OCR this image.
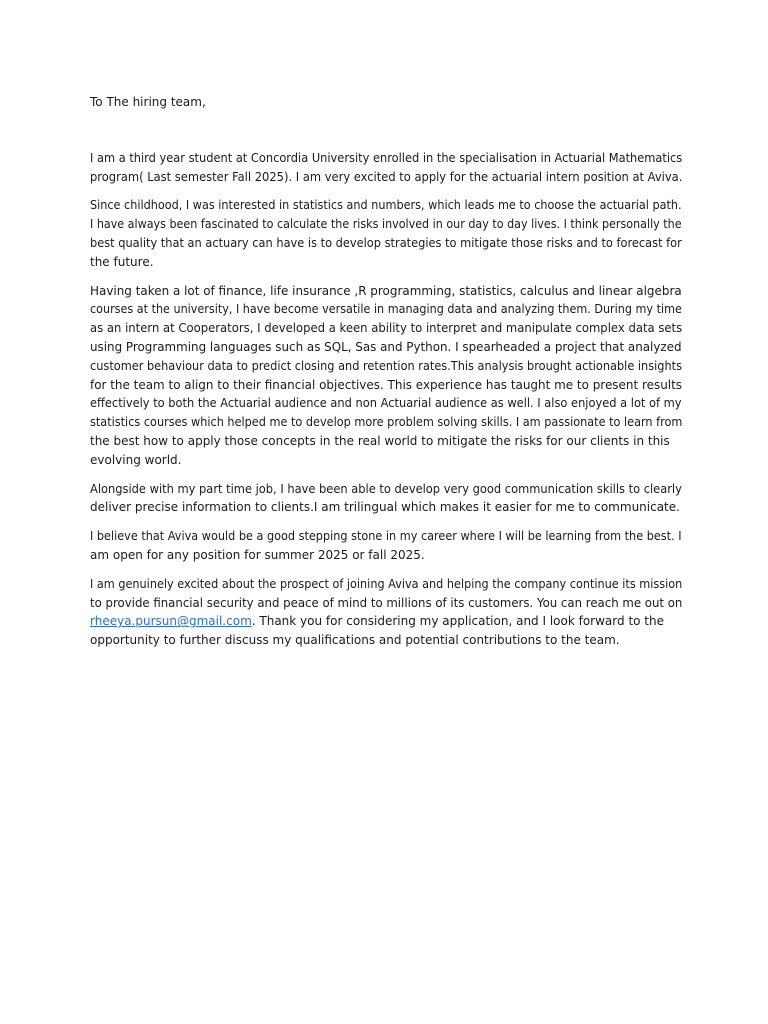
To The hiring team,

I am a third year student at Concordia University enrolled in the specialisation in Actuarial Mathematics
program( Last semester Fall 2025). I am very excited to apply for the actuarial intern position at Aviva.

Since childhood, I was interested in statistics and numbers, which leads me to choose the actuarial path.
I have always been fascinated to calculate the risks involved in our day to day lives. I think personally the
best quality that an actuary can have is to develop strategies to mitigate those risks and to forecast for
the future.

Having taken a lot of finance, life insurance ,R programming, statistics, calculus and linear algebra
courses at the university, I have become versatile in managing data and analyzing them. During my time
as an intern at Cooperators, I developed a keen ability to interpret and manipulate complex data sets
using Programming languages such as SQL, Sas and Python. I spearheaded a project that analyzed
customer behaviour data to predict closing and retention rates.This analysis brought actionable insights
for the team to align to their financial objectives. This experience has taught me to present results
effectively to both the Actuarial audience and non Actuarial audience as well. I also enjoyed a lot of my
statistics courses which helped me to develop more problem solving skills. I am passionate to learn from
the best how to apply those concepts in the real world to mitigate the risks for our clients in this
evolving world.

Alongside with my part time job, I have been able to develop very good communication skills to clearly
deliver precise information to clients.I am trilingual which makes it easier for me to communicate.

I believe that Aviva would be a good stepping stone in my career where I will be learning from the best. I
am open for any position for summer 2025 or fall 2025.

I am genuinely excited about the prospect of joining Aviva and helping the company continue its mission
to provide financial security and peace of mind to millions of its customers. You can reach me out on
rheeya.pursun@gmail.com. Thank you for considering my application, and I look forward to the
opportunity to further discuss my qualifications and potential contributions to the team.
